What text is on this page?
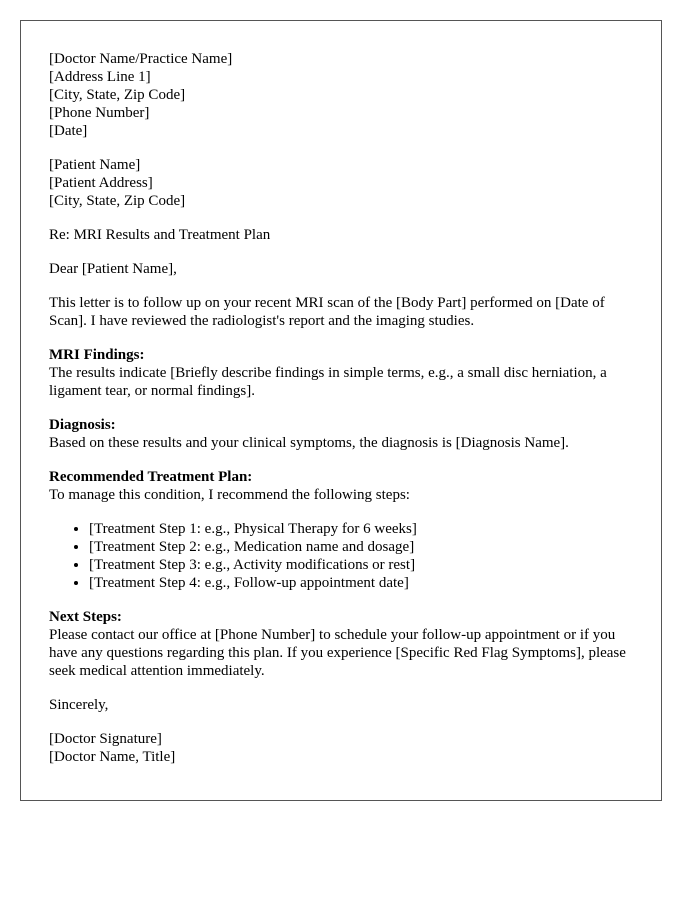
[Doctor Name/Practice Name]
[Address Line 1]
[City, State, Zip Code]
[Phone Number]
[Date]
[Patient Name]
[Patient Address]
[City, State, Zip Code]

Re: MRI Results and Treatment Plan

Dear [Patient Name],

This letter is to follow up on your recent MRI scan of the [Body Part] performed on [Date of Scan]. I have reviewed the radiologist's report and the imaging studies.

MRI Findings:
The results indicate [Briefly describe findings in simple terms, e.g., a small disc herniation, a ligament tear, or normal findings].
Diagnosis:
Based on these results and your clinical symptoms, the diagnosis is [Diagnosis Name].
Recommended Treatment Plan:
To manage this condition, I recommend the following steps:
• [Treatment Step 1: e.g., Physical Therapy for 6 weeks]
• [Treatment Step 2: e.g., Medication name and dosage]
• [Treatment Step 3: e.g., Activity modifications or rest]
• [Treatment Step 4: e.g., Follow-up appointment date]
Next Steps:
Please contact our office at [Phone Number] to schedule your follow-up appointment or if you have any questions regarding this plan. If you experience [Specific Red Flag Symptoms], please seek medical attention immediately.

Sincerely,

[Doctor Signature]
[Doctor Name, Title]
